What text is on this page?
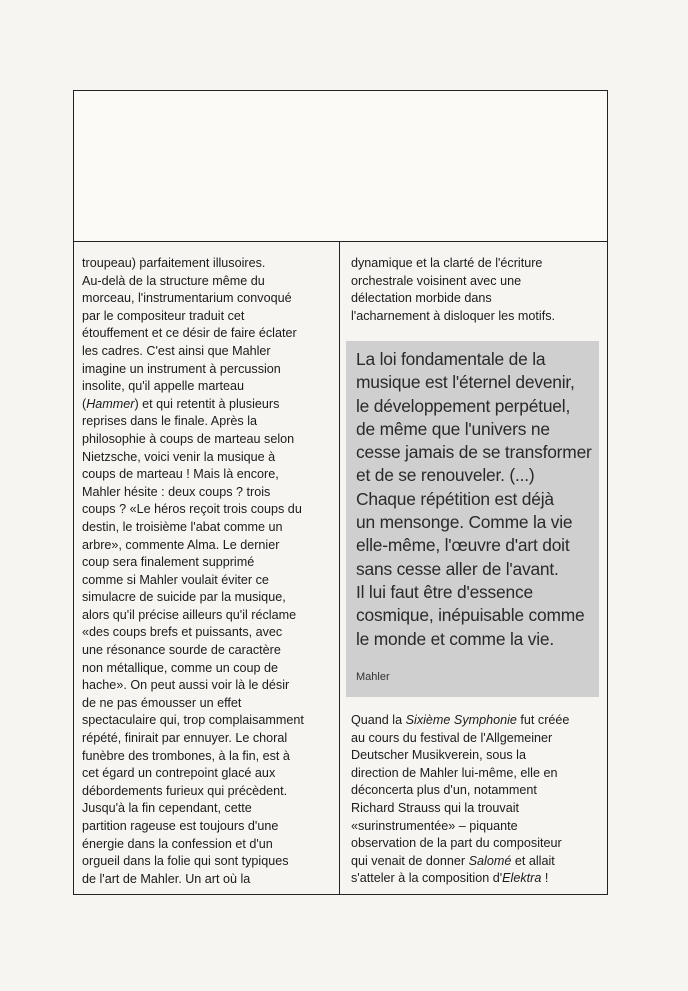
troupeau) parfaitement illusoires.
Au-delà de la structure même du
morceau, l'instrumentarium convoqué
par le compositeur traduit cet
étouffement et ce désir de faire éclater
les cadres. C'est ainsi que Mahler
imagine un instrument à percussion
insolite, qu'il appelle marteau
(Hammer) et qui retentit à plusieurs
reprises dans le finale. Après la
philosophie à coups de marteau selon
Nietzsche, voici venir la musique à
coups de marteau ! Mais là encore,
Mahler hésite : deux coups ? trois
coups ? «Le héros reçoit trois coups du
destin, le troisième l'abat comme un
arbre», commente Alma. Le dernier
coup sera finalement supprimé
comme si Mahler voulait éviter ce
simulacre de suicide par la musique,
alors qu'il précise ailleurs qu'il réclame
«des coups brefs et puissants, avec
une résonance sourde de caractère
non métallique, comme un coup de
hache». On peut aussi voir là le désir
de ne pas émousser un effet
spectaculaire qui, trop complaisamment
répété, finirait par ennuyer. Le choral
funèbre des trombones, à la fin, est à
cet égard un contrepoint glacé aux
débordements furieux qui précèdent.
Jusqu'à la fin cependant, cette
partition rageuse est toujours d'une
énergie dans la confession et d'un
orgueil dans la folie qui sont typiques
de l'art de Mahler. Un art où la
dynamique et la clarté de l'écriture
orchestrale voisinent avec une
délectation morbide dans
l'acharnement à disloquer les motifs.
La loi fondamentale de la
musique est l'éternel devenir,
le développement perpétuel,
de même que l'univers ne
cesse jamais de se transformer
et de se renouveler. (...)
Chaque répétition est déjà
un mensonge. Comme la vie
elle-même, l'œuvre d'art doit
sans cesse aller de l'avant.
Il lui faut être d'essence
cosmique, inépuisable comme
le monde et comme la vie.
Mahler
Quand la Sixième Symphonie fut créée
au cours du festival de l'Allgemeiner
Deutscher Musikverein, sous la
direction de Mahler lui-même, elle en
déconcerta plus d'un, notamment
Richard Strauss qui la trouvait
«surinstrumentée» – piquante
observation de la part du compositeur
qui venait de donner Salomé et allait
s'atteler à la composition d'Elektra !
